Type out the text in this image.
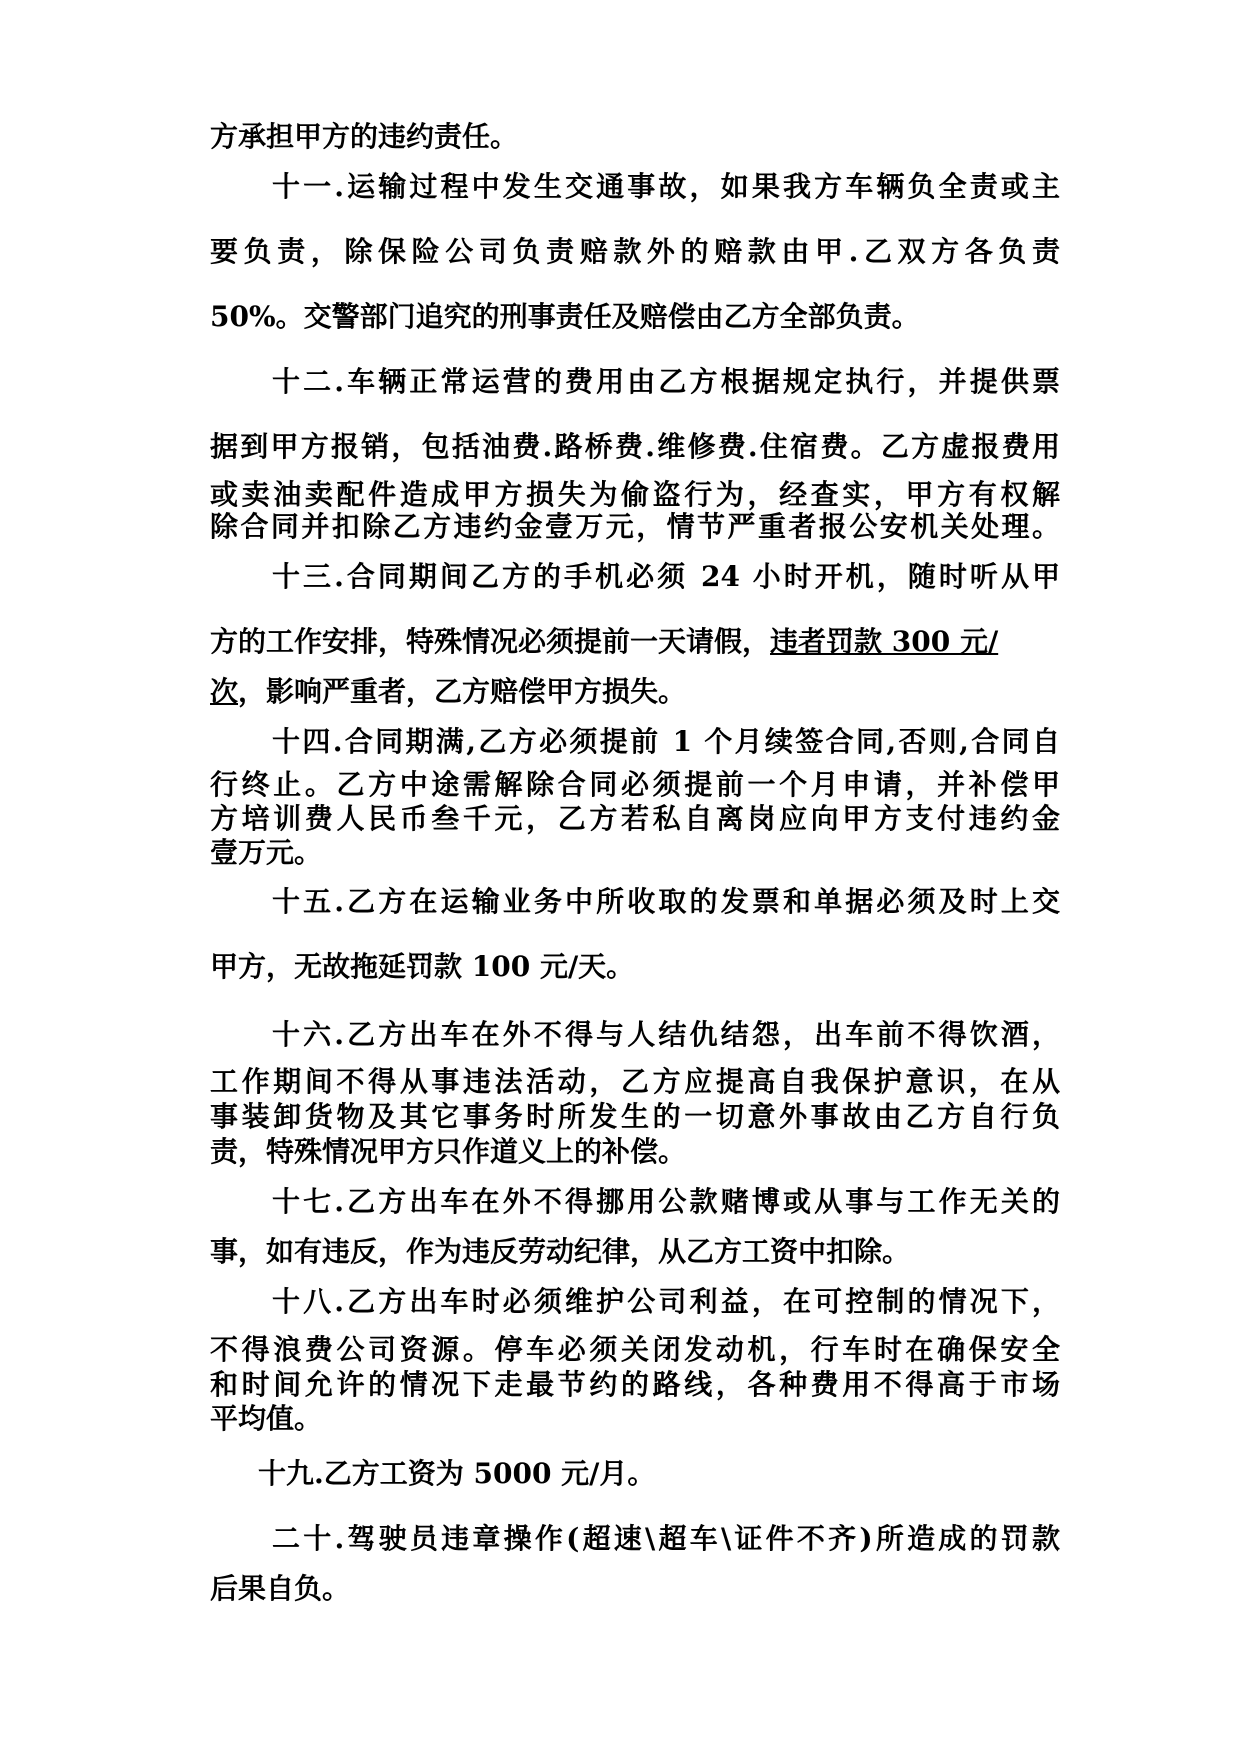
方承担甲方的违约责任。
十一.运输过程中发生交通事故，如果我方车辆负全责或主
要负责，除保险公司负责赔款外的赔款由甲.乙双方各负责
50%。交警部门追究的刑事责任及赔偿由乙方全部负责。
十二.车辆正常运营的费用由乙方根据规定执行，并提供票
据到甲方报销，包括油费.路桥费.维修费.住宿费。乙方虚报费用
或卖油卖配件造成甲方损失为偷盗行为，经查实，甲方有权解
除合同并扣除乙方违约金壹万元，情节严重者报公安机关处理。
十三.合同期间乙方的手机必须 24 小时开机，随时听从甲
方的工作安排，特殊情况必须提前一天请假，违者罚款 300 元/
次，影响严重者，乙方赔偿甲方损失。
十四.合同期满,乙方必须提前 1 个月续签合同,否则,合同自
行终止。乙方中途需解除合同必须提前一个月申请，并补偿甲
方培训费人民币叁千元，乙方若私自离岗应向甲方支付违约金
壹万元。
十五.乙方在运输业务中所收取的发票和单据必须及时上交
甲方，无故拖延罚款 100 元/天。
十六.乙方出车在外不得与人结仇结怨，出车前不得饮酒，
工作期间不得从事违法活动，乙方应提高自我保护意识，在从
事装卸货物及其它事务时所发生的一切意外事故由乙方自行负
责，特殊情况甲方只作道义上的补偿。
十七.乙方出车在外不得挪用公款赌博或从事与工作无关的
事，如有违反，作为违反劳动纪律，从乙方工资中扣除。
十八.乙方出车时必须维护公司利益，在可控制的情况下，
不得浪费公司资源。停车必须关闭发动机，行车时在确保安全
和时间允许的情况下走最节约的路线，各种费用不得高于市场
平均值。
十九.乙方工资为 5000 元/月。
二十.驾驶员违章操作(超速\超车\证件不齐)所造成的罚款
后果自负。
